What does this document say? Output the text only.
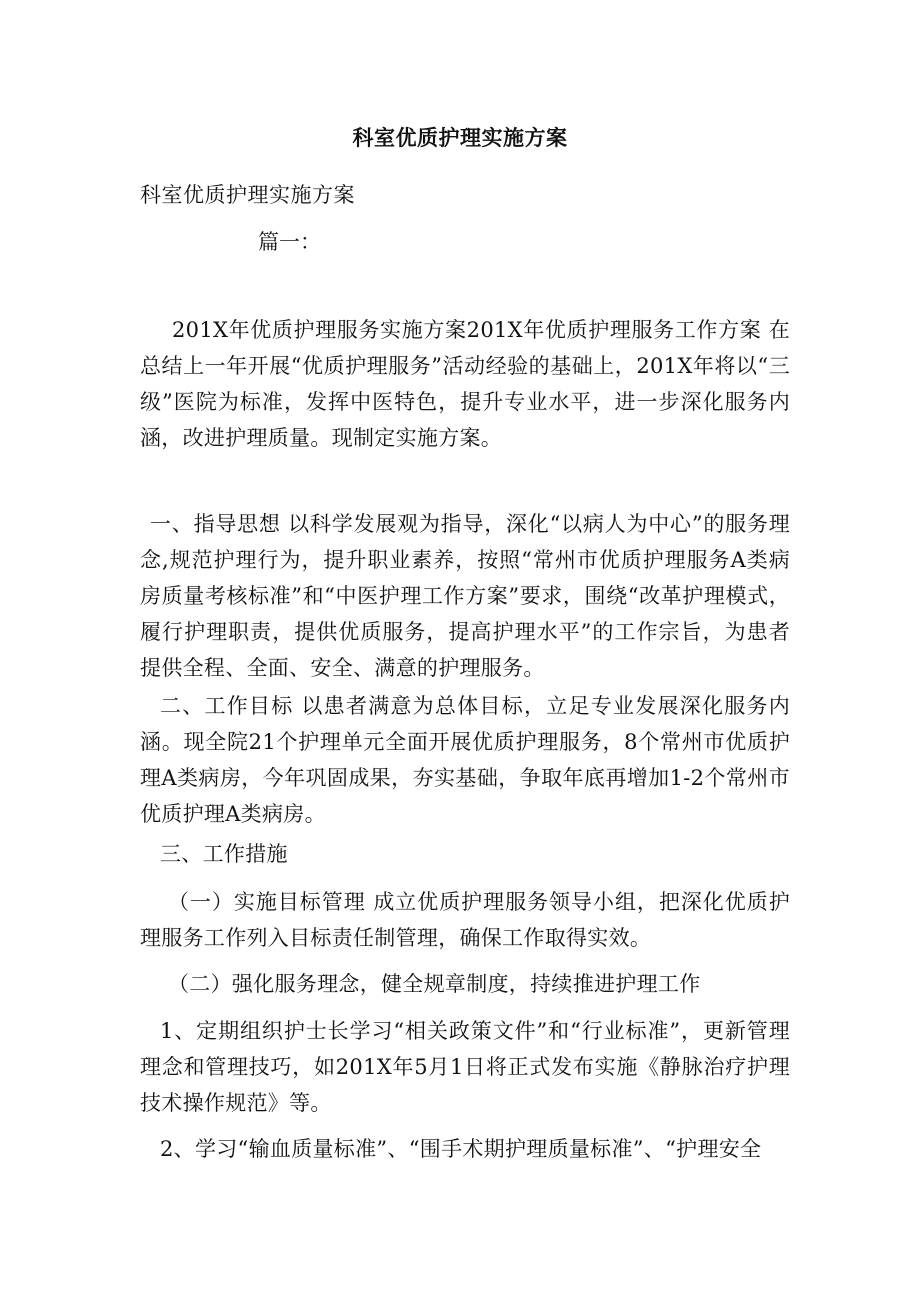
科室优质护理实施方案
科室优质护理实施方案
篇一：
201X年优质护理服务实施方案201X年优质护理服务工作方案 在总结上一年开展“优质护理服务”活动经验的基础上，201X年将以“三级”医院为标准，发挥中医特色，提升专业水平，进一步深化服务内涵，改进护理质量。现制定实施方案。
一、指导思想 以科学发展观为指导，深化“以病人为中心”的服务理念,规范护理行为，提升职业素养，按照“常州市优质护理服务A类病房质量考核标准”和“中医护理工作方案”要求，围绕“改革护理模式，履行护理职责，提供优质服务，提高护理水平”的工作宗旨，为患者提供全程、全面、安全、满意的护理服务。
二、工作目标 以患者满意为总体目标，立足专业发展深化服务内涵。现全院21个护理单元全面开展优质护理服务，8个常州市优质护理A类病房，今年巩固成果，夯实基础，争取年底再增加1-2个常州市优质护理A类病房。
三、工作措施
（一）实施目标管理 成立优质护理服务领导小组，把深化优质护理服务工作列入目标责任制管理，确保工作取得实效。
（二）强化服务理念，健全规章制度，持续推进护理工作
1、定期组织护士长学习“相关政策文件”和“行业标准”，更新管理理念和管理技巧，如201X年5月1日将正式发布实施《静脉治疗护理技术操作规范》等。
2、学习“输血质量标准”、“围手术期护理质量标准”、“护理安全
